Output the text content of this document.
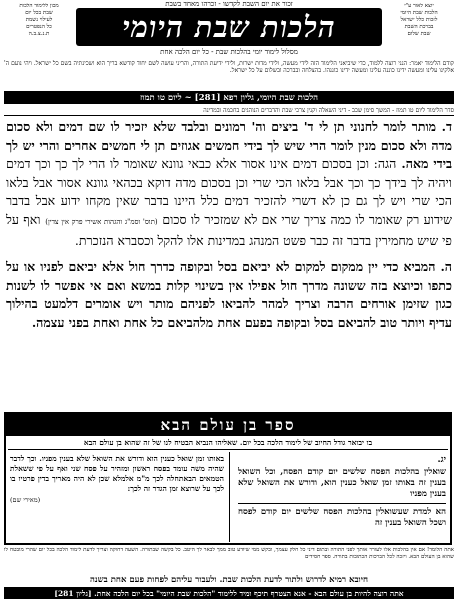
זכור את יום השבת לקדשו - זכרהו מאחד בשבת	יוצא לאור ע"י
הלכות שבת היומי
לזכות כלל ישראל
בברכת השבת
שבת שלום
מכון ללימוד הלכות
שבת בכל יום
לעילוי נשמת
כל הנפטרים
ת.נ.צ.ב.ה	הלכות שבת היומי
מסלול לימוד יומי בהלכות שבת - כל יום הלכה אחת
קודם הלימוד יאמר: הנני רוצה ללמוד, כדי שיביאני הלימוד הזה לידי מעשה, ולידי מדות ישרות, ולידי ידיעת התורה, והריני עושה לשם יחוד קודשא בריך הוא ושכינתיה בשם כל ישראל. ויהי נועם ה' אלקינו עלינו ומעשה ידינו כוננה עלינו ומעשה ידינו כוננהו. בהצלחה ובברכה ובשלום על כל ישראל.
הלכות שבת היומי, גליון רפא [281] ~ ליום טו תמוז
סדר הלימוד ליום טו תמוז - המשך סימן שכב - דיני השאלה וקנין צרכי שבת והדברים הנוהגים בחכמה ובמדינה

ד. מותר לומר לחנוני תן לי ד' ביצים וה' רמונים ובלבד שלא יזכיר לו שם דמים ולא סכום מדה ולא סכום מנין לומר הרי שיש לך בידי חמשים אגוזים תן לי חמשים אחרים והרי יש לך בידי מאה. הגה: וכן בסכום דמים אינו אסור אלא כבאי גוונא שאומר לו הרי לך כך וכך דמים ויהיה לך בידך כך וכך אבל בלאו הכי שרי וכן בסכום מדה דוקא בכהאי גוונא אסור אבל בלאו הכי שרי ויש לך גם כן לא דשרי להזכיר דמים כלל היינו בדבר שאין מקחו ידוע אבל בדבר שידוע רק שאומר לו כמה צריך שרי אם לא שמזכיר לו סכום (תוס' וסמ"ג והגהות אשירי פרק אין צדין) ואף על פי שיש מחמירין בדבר זה כבר פשט המנהג במדינות אלו להקל וכסברא הנזכרת.

ה. המביא כדי יין ממקום למקום לא יביאם בסל ובקופה כדרך חול אלא יביאם לפניו או על כתפו וכיוצא בזה ששונה מדרך חול אפילו אין בשינוי קלות במשא ואם אי אפשר לו לשנות כגון שזימן אורחים הרבה וצריך למהר להביאו לפניהם מותר ויש אומרים דלמעט בהילוך עדיף ויותר טוב להביאם בסל ובקופה בפעם אחת מלהביאם כל אחת ואחת בפני עצמה.

ספר בן עולם הבא
בו יבואר גודל החיוב של לימוד הלכה בכל יום. שאליהו הנביא הבטיח לנו של זה שהוא בן עולם הבא

יג.

שואלין בהלכות הפסח שלשים יום קודם הפסח, וכל השואל בענין זה באותו זמן שואל כענין הוא, ודורש את השואל שלא בענין מפניו

הא למדת שעשואלין בהלכות הפסח שלשים יום קודם לפסח ושכל השואל בענין זה

באותו זמן שואל כענין הוא ודורש את השואל שלא בענין מפניו. וכך לדבר שהיה משה עומד בפסח ראשון ומזהיר על פסח שני ואף על פי ששאלת הטמאים הבאתחלה לכך מ"מ אלמלא שכן לא היה מאריך בדין פרטיו בו לכך על שרוצא זמן הגדר זה לכך:

(מאירי שם)

אתה הלומד! אם אין בהלכות אלו לעורר אותך לפני התורה ובתום דיני כל חלק עצמך, ובקש ממי שיודע טוב ממך לבאר לך היטב. כל בקשה שבתורה. השעה דחוקה וצריך לדעת לימוד הלכה בכל יום שהרי מובטח לו שהוא בן העולם הבא. ויזכה לכל הברכות הכתובות בתורה. ספר חסידים
חיובא רמיא לדרוש ולתור לדעת הלכות שבת. ולעבור עליהם לפחות פעם אחת בשנה
אתה רוצה להיות בן עולם הבא - אנא הצטרף תיכף ומיד ללימוד "הלכות שבת היומי" בכל יום הלכה אחת. [גליון 281]
